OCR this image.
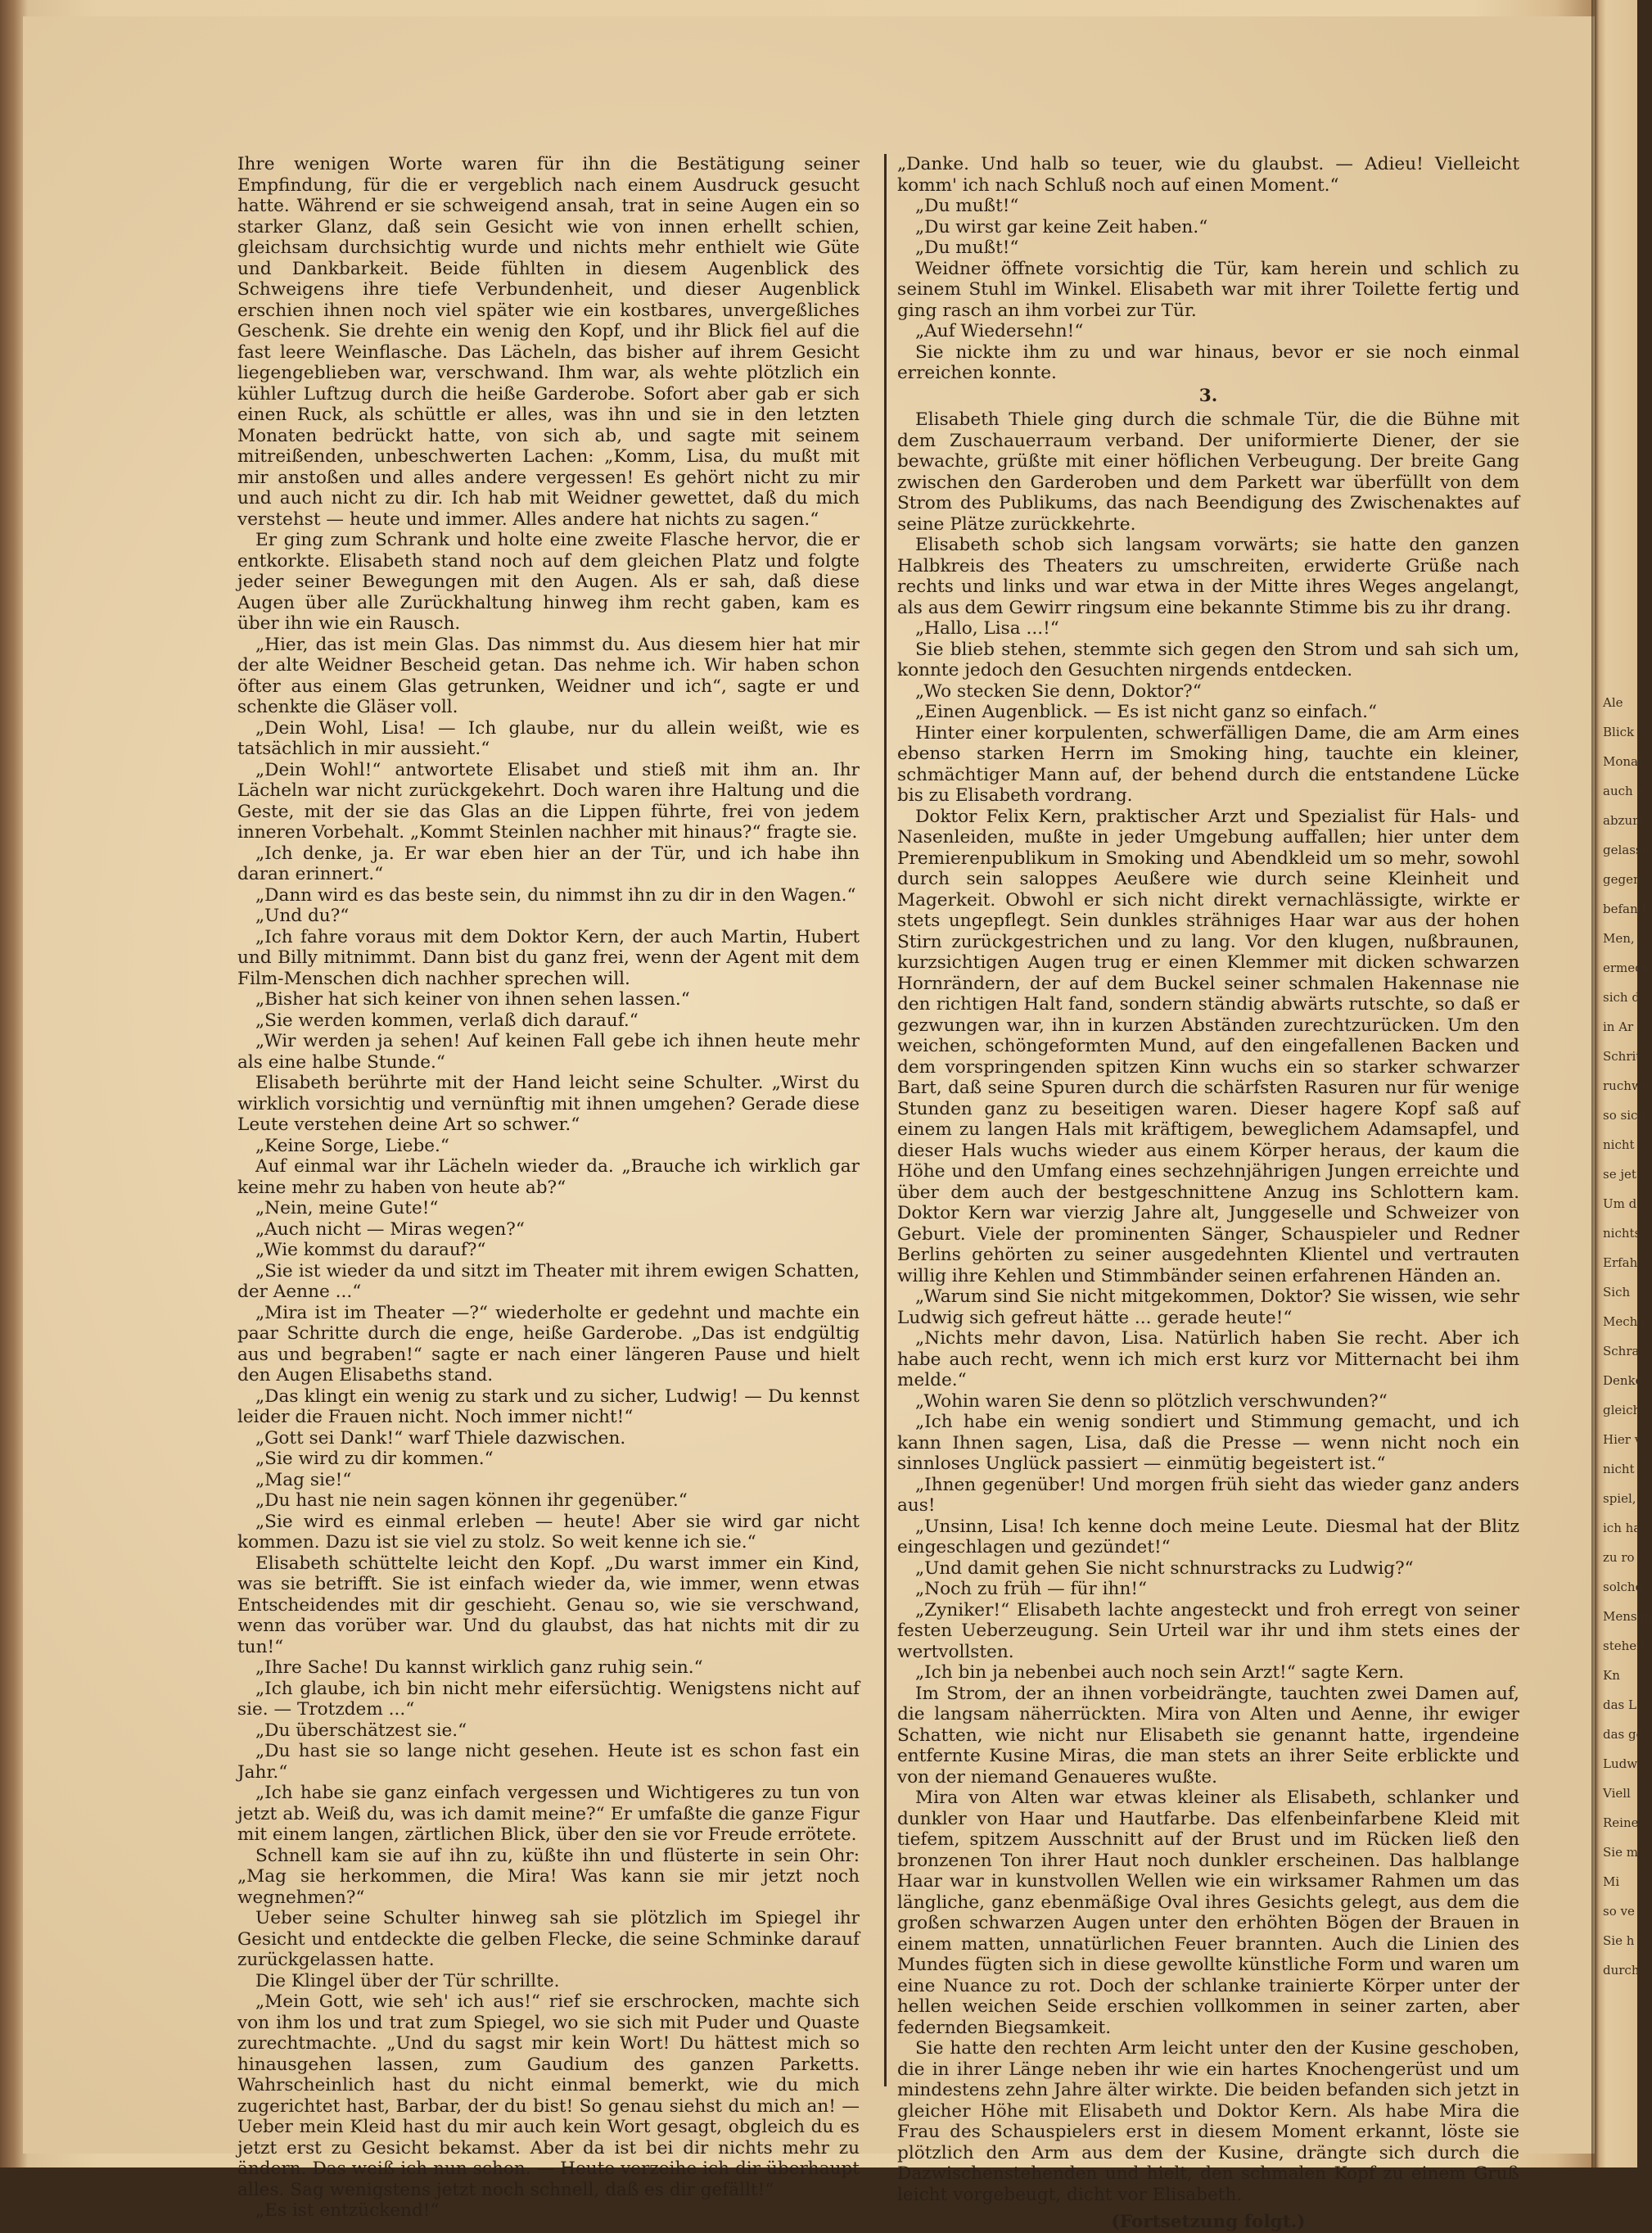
Ihre wenigen Worte waren für ihn die Bestätigung seiner Empfindung, für die er vergeblich nach einem Ausdruck gesucht hatte. Während er sie schweigend ansah, trat in seine Augen ein so starker Glanz, daß sein Gesicht wie von innen erhellt schien, gleichsam durchsichtig wurde und nichts mehr enthielt wie Güte und Dankbarkeit. Beide fühlten in diesem Augenblick des Schweigens ihre tiefe Verbundenheit, und dieser Augenblick erschien ihnen noch viel später wie ein kostbares, unvergeßliches Geschenk. Sie drehte ein wenig den Kopf, und ihr Blick fiel auf die fast leere Weinflasche. Das Lächeln, das bisher auf ihrem Gesicht liegengeblieben war, verschwand. Ihm war, als wehte plötzlich ein kühler Luftzug durch die heiße Garderobe. Sofort aber gab er sich einen Ruck, als schüttle er alles, was ihn und sie in den letzten Monaten bedrückt hatte, von sich ab, und sagte mit seinem mitreißenden, unbeschwerten Lachen: „Komm, Lisa, du mußt mit mir anstoßen und alles andere vergessen! Es gehört nicht zu mir und auch nicht zu dir. Ich hab mit Weidner gewettet, daß du mich verstehst — heute und immer. Alles andere hat nichts zu sagen.“

Er ging zum Schrank und holte eine zweite Flasche hervor, die er entkorkte. Elisabeth stand noch auf dem gleichen Platz und folgte jeder seiner Bewegungen mit den Augen. Als er sah, daß diese Augen über alle Zurückhaltung hinweg ihm recht gaben, kam es über ihn wie ein Rausch.

„Hier, das ist mein Glas. Das nimmst du. Aus diesem hier hat mir der alte Weidner Bescheid getan. Das nehme ich. Wir haben schon öfter aus einem Glas getrunken, Weidner und ich“, sagte er und schenkte die Gläser voll.

„Dein Wohl, Lisa! — Ich glaube, nur du allein weißt, wie es tatsächlich in mir aussieht.“

„Dein Wohl!“ antwortete Elisabet und stieß mit ihm an. Ihr Lächeln war nicht zurückgekehrt. Doch waren ihre Haltung und die Geste, mit der sie das Glas an die Lippen führte, frei von jedem inneren Vorbehalt. „Kommt Steinlen nachher mit hinaus?“ fragte sie.

„Ich denke, ja. Er war eben hier an der Tür, und ich habe ihn daran erinnert.“

„Dann wird es das beste sein, du nimmst ihn zu dir in den Wagen.“

„Und du?“

„Ich fahre voraus mit dem Doktor Kern, der auch Martin, Hubert und Billy mitnimmt. Dann bist du ganz frei, wenn der Agent mit dem Film-Menschen dich nachher sprechen will.

„Bisher hat sich keiner von ihnen sehen lassen.“

„Sie werden kommen, verlaß dich darauf.“

„Wir werden ja sehen! Auf keinen Fall gebe ich ihnen heute mehr als eine halbe Stunde.“

Elisabeth berührte mit der Hand leicht seine Schulter. „Wirst du wirklich vorsichtig und vernünftig mit ihnen umgehen? Gerade diese Leute verstehen deine Art so schwer.“

„Keine Sorge, Liebe.“

Auf einmal war ihr Lächeln wieder da. „Brauche ich wirklich gar keine mehr zu haben von heute ab?“

„Nein, meine Gute!“

„Auch nicht — Miras wegen?“

„Wie kommst du darauf?“

„Sie ist wieder da und sitzt im Theater mit ihrem ewigen Schatten, der Aenne ...“

„Mira ist im Theater —?“ wiederholte er gedehnt und machte ein paar Schritte durch die enge, heiße Garderobe. „Das ist endgültig aus und begraben!“ sagte er nach einer längeren Pause und hielt den Augen Elisabeths stand.

„Das klingt ein wenig zu stark und zu sicher, Ludwig! — Du kennst leider die Frauen nicht. Noch immer nicht!“

„Gott sei Dank!“ warf Thiele dazwischen.

„Sie wird zu dir kommen.“

„Mag sie!“

„Du hast nie nein sagen können ihr gegenüber.“

„Sie wird es einmal erleben — heute! Aber sie wird gar nicht kommen. Dazu ist sie viel zu stolz. So weit kenne ich sie.“

Elisabeth schüttelte leicht den Kopf. „Du warst immer ein Kind, was sie betrifft. Sie ist einfach wieder da, wie immer, wenn etwas Entscheidendes mit dir geschieht. Genau so, wie sie verschwand, wenn das vorüber war. Und du glaubst, das hat nichts mit dir zu tun!“

„Ihre Sache! Du kannst wirklich ganz ruhig sein.“

„Ich glaube, ich bin nicht mehr eifersüchtig. Wenigstens nicht auf sie. — Trotzdem ...“

„Du überschätzest sie.“

„Du hast sie so lange nicht gesehen. Heute ist es schon fast ein Jahr.“

„Ich habe sie ganz einfach vergessen und Wichtigeres zu tun von jetzt ab. Weiß du, was ich damit meine?“ Er umfaßte die ganze Figur mit einem langen, zärtlichen Blick, über den sie vor Freude errötete.

Schnell kam sie auf ihn zu, küßte ihn und flüsterte in sein Ohr: „Mag sie herkommen, die Mira! Was kann sie mir jetzt noch wegnehmen?“

Ueber seine Schulter hinweg sah sie plötzlich im Spiegel ihr Gesicht und entdeckte die gelben Flecke, die seine Schminke darauf zurückgelassen hatte.

Die Klingel über der Tür schrillte.

„Mein Gott, wie seh' ich aus!“ rief sie erschrocken, machte sich von ihm los und trat zum Spiegel, wo sie sich mit Puder und Quaste zurechtmachte. „Und du sagst mir kein Wort! Du hättest mich so hinausgehen lassen, zum Gaudium des ganzen Parketts. Wahrscheinlich hast du nicht einmal bemerkt, wie du mich zugerichtet hast, Barbar, der du bist! So genau siehst du mich an! — Ueber mein Kleid hast du mir auch kein Wort gesagt, obgleich du es jetzt erst zu Gesicht bekamst. Aber da ist bei dir nichts mehr zu ändern. Das weiß ich nun schon. — Heute verzeihe ich dir überhaupt alles. Sag wenigstens jetzt noch schnell, daß es dir gefällt!“

„Es ist entzückend!“

„Danke. Und halb so teuer, wie du glaubst. — Adieu! Vielleicht komm' ich nach Schluß noch auf einen Moment.“

„Du mußt!“

„Du wirst gar keine Zeit haben.“

„Du mußt!“

Weidner öffnete vorsichtig die Tür, kam herein und schlich zu seinem Stuhl im Winkel. Elisabeth war mit ihrer Toilette fertig und ging rasch an ihm vorbei zur Tür.

„Auf Wiedersehn!“

Sie nickte ihm zu und war hinaus, bevor er sie noch einmal erreichen konnte.

3.

Elisabeth Thiele ging durch die schmale Tür, die die Bühne mit dem Zuschauerraum verband. Der uniformierte Diener, der sie bewachte, grüßte mit einer höflichen Verbeugung. Der breite Gang zwischen den Garderoben und dem Parkett war überfüllt von dem Strom des Publikums, das nach Beendigung des Zwischenaktes auf seine Plätze zurückkehrte.

Elisabeth schob sich langsam vorwärts; sie hatte den ganzen Halbkreis des Theaters zu umschreiten, erwiderte Grüße nach rechts und links und war etwa in der Mitte ihres Weges angelangt, als aus dem Gewirr ringsum eine bekannte Stimme bis zu ihr drang.

„Hallo, Lisa ...!“

Sie blieb stehen, stemmte sich gegen den Strom und sah sich um, konnte jedoch den Gesuchten nirgends entdecken.

„Wo stecken Sie denn, Doktor?“

„Einen Augenblick. — Es ist nicht ganz so einfach.“

Hinter einer korpulenten, schwerfälligen Dame, die am Arm eines ebenso starken Herrn im Smoking hing, tauchte ein kleiner, schmächtiger Mann auf, der behend durch die entstandene Lücke bis zu Elisabeth vordrang.

Doktor Felix Kern, praktischer Arzt und Spezialist für Hals- und Nasenleiden, mußte in jeder Umgebung auffallen; hier unter dem Premierenpublikum in Smoking und Abendkleid um so mehr, sowohl durch sein saloppes Aeußere wie durch seine Kleinheit und Magerkeit. Obwohl er sich nicht direkt vernachlässigte, wirkte er stets ungepflegt. Sein dunkles strähniges Haar war aus der hohen Stirn zurückgestrichen und zu lang. Vor den klugen, nußbraunen, kurzsichtigen Augen trug er einen Klemmer mit dicken schwarzen Hornrändern, der auf dem Buckel seiner schmalen Hakennase nie den richtigen Halt fand, sondern ständig abwärts rutschte, so daß er gezwungen war, ihn in kurzen Abständen zurechtzurücken. Um den weichen, schöngeformten Mund, auf den eingefallenen Backen und dem vorspringenden spitzen Kinn wuchs ein so starker schwarzer Bart, daß seine Spuren durch die schärfsten Rasuren nur für wenige Stunden ganz zu beseitigen waren. Dieser hagere Kopf saß auf einem zu langen Hals mit kräftigem, beweglichem Adamsapfel, und dieser Hals wuchs wieder aus einem Körper heraus, der kaum die Höhe und den Umfang eines sechzehnjährigen Jungen erreichte und über dem auch der bestgeschnittene Anzug ins Schlottern kam. Doktor Kern war vierzig Jahre alt, Junggeselle und Schweizer von Geburt. Viele der prominenten Sänger, Schauspieler und Redner Berlins gehörten zu seiner ausgedehnten Klientel und vertrauten willig ihre Kehlen und Stimmbänder seinen erfahrenen Händen an.

„Warum sind Sie nicht mitgekommen, Doktor? Sie wissen, wie sehr Ludwig sich gefreut hätte ... gerade heute!“

„Nichts mehr davon, Lisa. Natürlich haben Sie recht. Aber ich habe auch recht, wenn ich mich erst kurz vor Mitternacht bei ihm melde.“

„Wohin waren Sie denn so plötzlich verschwunden?“

„Ich habe ein wenig sondiert und Stimmung gemacht, und ich kann Ihnen sagen, Lisa, daß die Presse — wenn nicht noch ein sinnloses Unglück passiert — einmütig begeistert ist.“

„Ihnen gegenüber! Und morgen früh sieht das wieder ganz anders aus!

„Unsinn, Lisa! Ich kenne doch meine Leute. Diesmal hat der Blitz eingeschlagen und gezündet!“

„Und damit gehen Sie nicht schnurstracks zu Ludwig?“

„Noch zu früh — für ihn!“

„Zyniker!“ Elisabeth lachte angesteckt und froh erregt von seiner festen Ueberzeugung. Sein Urteil war ihr und ihm stets eines der wertvollsten.

„Ich bin ja nebenbei auch noch sein Arzt!“ sagte Kern.

Im Strom, der an ihnen vorbeidrängte, tauchten zwei Damen auf, die langsam näherrückten. Mira von Alten und Aenne, ihr ewiger Schatten, wie nicht nur Elisabeth sie genannt hatte, irgendeine entfernte Kusine Miras, die man stets an ihrer Seite erblickte und von der niemand Genaueres wußte.

Mira von Alten war etwas kleiner als Elisabeth, schlanker und dunkler von Haar und Hautfarbe. Das elfenbeinfarbene Kleid mit tiefem, spitzem Ausschnitt auf der Brust und im Rücken ließ den bronzenen Ton ihrer Haut noch dunkler erscheinen. Das halblange Haar war in kunstvollen Wellen wie ein wirksamer Rahmen um das längliche, ganz ebenmäßige Oval ihres Gesichts gelegt, aus dem die großen schwarzen Augen unter den erhöhten Bögen der Brauen in einem matten, unnatürlichen Feuer brannten. Auch die Linien des Mundes fügten sich in diese gewollte künstliche Form und waren um eine Nuance zu rot. Doch der schlanke trainierte Körper unter der hellen weichen Seide erschien vollkommen in seiner zarten, aber federnden Biegsamkeit.

Sie hatte den rechten Arm leicht unter den der Kusine geschoben, die in ihrer Länge neben ihr wie ein hartes Knochengerüst und um mindestens zehn Jahre älter wirkte. Die beiden befanden sich jetzt in gleicher Höhe mit Elisabeth und Doktor Kern. Als habe Mira die Frau des Schauspielers erst in diesem Moment erkannt, löste sie plötzlich den Arm aus dem der Kusine, drängte sich durch die Dazwischenstehenden und hielt, den schmalen Kopf zu einem Gruß leicht vorgebeugt, dicht vor Elisabeth.

(Fortsetzung folgt.)
Ale
Blick
Monat
auch e
abzum
gelasse
gegen
befand
Men,
ermeck
sich d
in Ar
Schrit
ruchwe
so sich
nicht
se jet
Um d
nichts
Erfah
Sich
Mecha
Schra
Denke
gleich
Hier v
nicht
spiel,
ich ha
zu ro
solche
Mensch
stehen
Kn
das L
das ge
Ludwi
Viell
Reine
Sie m
Mi
so ve
Sie h
durch
